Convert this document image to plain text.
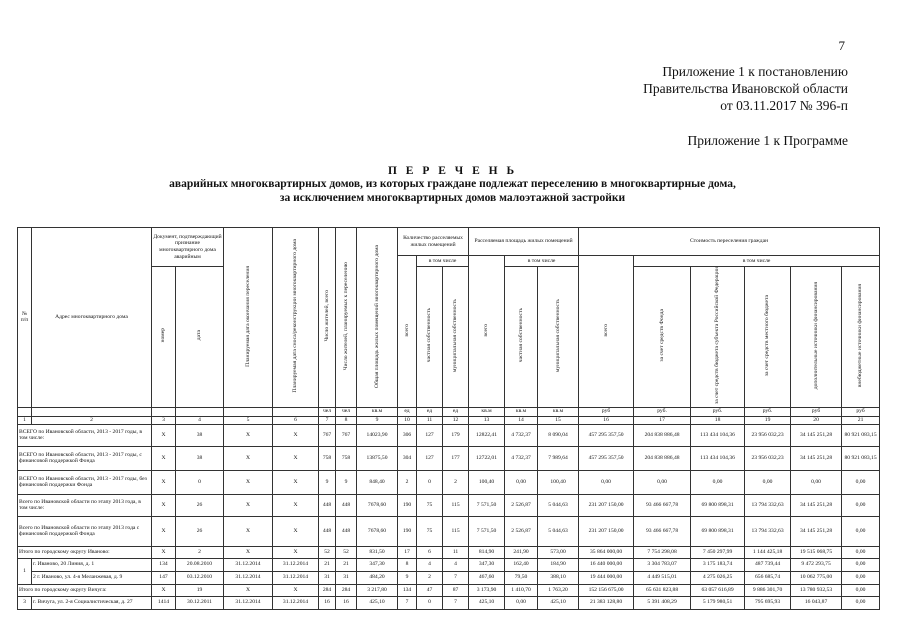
7
Приложение 1 к постановлению
Правительства Ивановской области
от 03.11.2017 № 396-п
Приложение 1 к Программе
П Е Р Е Ч Е Н Ь
аварийных многоквартирных домов, из которых граждане подлежат переселению в многоквартирные дома,
за исключением многоквартирных домов малоэтажной застройки
№ п/п	Адрес многоквартирного дома	Документ, подтверждающий признание многоквартирного дома аварийным		Планируемая дата окончания переселения	Планируемая дата сноса/реконструкции многоквартирного дома	Число жителей, всего	Число жителей, планируемых к переселению	Общая площадь жилых помещений многоквартирного дома	Количество расселяемых жилых помещений			Расселяемая площадь жилых помещений			Стоимость переселения граждан					
									всего	в том числе		всего	в том числе		всего	в том числе				
		номер	дата							частная собственность	муниципальная собственность		частная собственность	муниципальная собственность		за счет средств Фонда	за счет средств бюджета субъекта Российской Федерации	за счет средств местного бюджета	дополнительные источники финансирования	внебюджетные источники финансирования
						чел	чел	кв.м	ед	ед	ед	кв.м	кв.м	кв.м	руб	руб.	руб.	руб.	руб	руб
1	2	3	4	5	6	7	8	9	10	11	12	13	14	15	16	17	18	19	20	21
ВСЕГО по Ивановской области, 2013 - 2017 годы, в том числе:		X	38	X	X	767	767	14023,90	306	127	179	12822,41	4 732,37	8 090,04	457 295 357,50	204 838 886,48	113 434 104,36	23 956 032,23	34 145 251,28	80 921 083,15
ВСЕГО по Ивановской области, 2013 - 2017 годы, с финансовой поддержкой Фонда		X	38	X	X	758	758	13875,50	304	127	177	12722,01	4 732,37	7 989,64	457 295 357,50	204 838 886,48	113 434 104,36	23 956 032,23	34 145 251,28	80 921 083,15
ВСЕГО по Ивановской области, 2013 - 2017 годы, без финансовой поддержки Фонда		X	0	X	X	9	9	848,40	2	0	2	100,40	0,00	100,40	0,00	0,00	0,00	0,00	0,00	0,00
Всего по Ивановской области по этапу 2013 года, в том числе:		X	26	X	X	448	448	7678,60	190	75	115	7 571,50	2 526,87	5 044,63	231 207 150,00	93 466 667,78	69 800 898,31	13 794 332,63	34 145 251,28	0,00
Всего по Ивановской области по этапу 2013 года с финансовой поддержкой Фонда		X	26	X	X	448	448	7678,60	190	75	115	7 571,50	2 526,87	5 044,63	231 207 150,00	93 466 667,78	69 800 898,31	13 794 332,63	34 145 251,28	0,00
Итого по городскому округу Иваново:		X	2	X	X	52	52	831,50	17	6	11	814,90	241,90	573,00	35 864 000,00	7 754 298,08	7 450 297,99	1 144 425,18	19 515 068,75	0,00
1	г. Иваново, 20 Линия, д. 1	134	20.08.2010	31.12.2014	31.12.2014	21	21	347,30	8	4	4	347,30	162,40	184,90	16 440 000,00	3 304 783,07	3 175 183,74	487 739,44	9 472 293,75	0,00
	2 г. Иваново, ул. 4-я Меланжевая, д. 9	147	03.12.2010	31.12.2014	31.12.2014	31	31	484,20	9	2	7	467,60	79,50	388,10	19 444 000,00	4 449 515,01	4 275 026,25	656 685,74	10 062 775,00	0,00
Итого по городскому округу Вичуга:		X	19	X	X	284	284	3 217,80	134	47	87	3 173,90	1 410,70	1 763,20	152 156 675,00	65 631 823,88	63 057 616,89	9 886 301,70	13 780 932,53	0,00
3	г. Вичуга, ул. 2-я Социалистическая, д. 27	1414	30.12.2011	31.12.2014	31.12.2014	16	16	425,10	7	0	7	425,10	0,00	425,10	21 383 128,80	5 391 408,29	5 179 980,51	795 695,93	16 043,87	0,00
